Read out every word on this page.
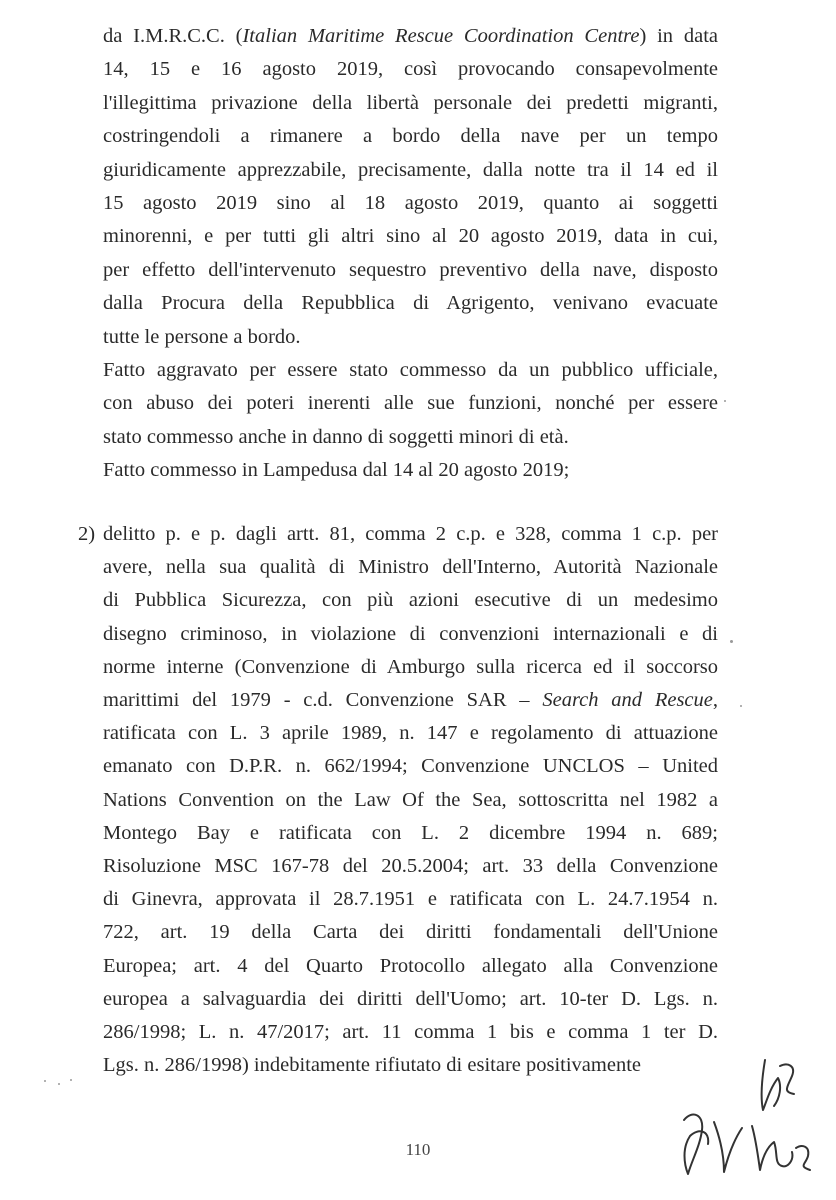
da I.M.R.C.C. (Italian Maritime Rescue Coordination Centre) in data
14, 15 e 16 agosto 2019, così provocando consapevolmente
l'illegittima privazione della libertà personale dei predetti migranti,
costringendoli a rimanere a bordo della nave per un tempo
giuridicamente apprezzabile, precisamente, dalla notte tra il 14 ed il
15 agosto 2019 sino al 18 agosto 2019, quanto ai soggetti
minorenni, e per tutti gli altri sino al 20 agosto 2019, data in cui,
per effetto dell'intervenuto sequestro preventivo della nave, disposto
dalla Procura della Repubblica di Agrigento, venivano evacuate
tutte le persone a bordo.
Fatto aggravato per essere stato commesso da un pubblico ufficiale,
con abuso dei poteri inerenti alle sue funzioni, nonché per essere
stato commesso anche in danno di soggetti minori di età.
Fatto commesso in Lampedusa dal 14 al 20 agosto 2019;
2) delitto p. e p. dagli artt. 81, comma 2 c.p. e 328, comma 1 c.p. per
avere, nella sua qualità di Ministro dell'Interno, Autorità Nazionale
di Pubblica Sicurezza, con più azioni esecutive di un medesimo
disegno criminoso, in violazione di convenzioni internazionali e di
norme interne (Convenzione di Amburgo sulla ricerca ed il soccorso
marittimi del 1979 - c.d. Convenzione SAR – Search and Rescue,
ratificata con L. 3 aprile 1989, n. 147 e regolamento di attuazione
emanato con D.P.R. n. 662/1994; Convenzione UNCLOS – United
Nations Convention on the Law Of the Sea, sottoscritta nel 1982 a
Montego Bay e ratificata con L. 2 dicembre 1994 n. 689;
Risoluzione MSC 167-78 del 20.5.2004; art. 33 della Convenzione
di Ginevra, approvata il 28.7.1951 e ratificata con L. 24.7.1954 n.
722, art. 19 della Carta dei diritti fondamentali dell'Unione
Europea; art. 4 del Quarto Protocollo allegato alla Convenzione
europea a salvaguardia dei diritti dell'Uomo; art. 10-ter D. Lgs. n.
286/1998; L. n. 47/2017; art. 11 comma 1 bis e comma 1 ter D.
Lgs. n. 286/1998) indebitamente rifiutato di esitare positivamente
110
